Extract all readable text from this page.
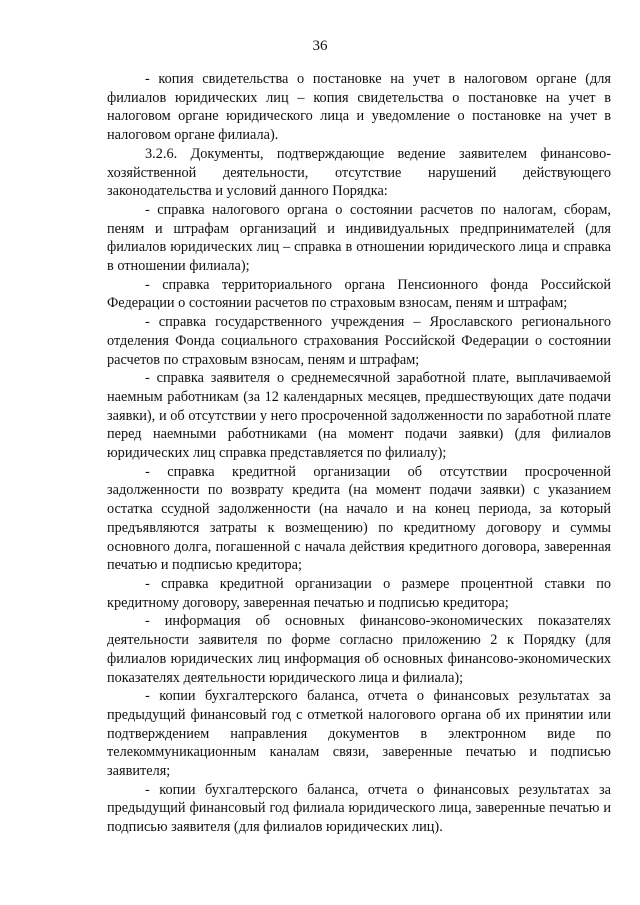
36

- копия свидетельства о постановке на учет в налоговом органе (для филиалов юридических лиц – копия свидетельства о постановке на учет в налоговом органе юридического лица и уведомление о постановке на учет в налоговом органе филиала).

3.2.6. Документы, подтверждающие ведение заявителем финансово-хозяйственной деятельности, отсутствие нарушений действующего законодательства и условий данного Порядка:

- справка налогового органа о состоянии расчетов по налогам, сборам, пеням и штрафам организаций и индивидуальных предпринимателей (для филиалов юридических лиц – справка в отношении юридического лица и справка в отношении филиала);

- справка территориального органа Пенсионного фонда Российской Федерации о состоянии расчетов по страховым взносам, пеням и штрафам;

- справка государственного учреждения – Ярославского регионального отделения Фонда социального страхования Российской Федерации о состоянии расчетов по страховым взносам, пеням и штрафам;

- справка заявителя о среднемесячной заработной плате, выплачиваемой наемным работникам (за 12 календарных месяцев, предшествующих дате подачи заявки), и об отсутствии у него просроченной задолженности по заработной плате перед наемными работниками (на момент подачи заявки) (для филиалов юридических лиц справка представляется по филиалу);

- справка кредитной организации об отсутствии просроченной задолженности по возврату кредита (на момент подачи заявки) с указанием остатка ссудной задолженности (на начало и на конец периода, за который предъявляются затраты к возмещению) по кредитному договору и суммы основного долга, погашенной с начала действия кредитного договора, заверенная печатью и подписью кредитора;

- справка кредитной организации о размере процентной ставки по кредитному договору, заверенная печатью и подписью кредитора;

- информация об основных финансово-экономических показателях деятельности заявителя по форме согласно приложению 2 к Порядку (для филиалов юридических лиц информация об основных финансово-экономических показателях деятельности юридического лица и филиала);

- копии бухгалтерского баланса, отчета о финансовых результатах за предыдущий финансовый год с отметкой налогового органа об их принятии или подтверждением направления документов в электронном виде по телекоммуникационным каналам связи, заверенные печатью и подписью заявителя;

- копии бухгалтерского баланса, отчета о финансовых результатах за предыдущий финансовый год филиала юридического лица, заверенные печатью и подписью заявителя (для филиалов юридических лиц).
